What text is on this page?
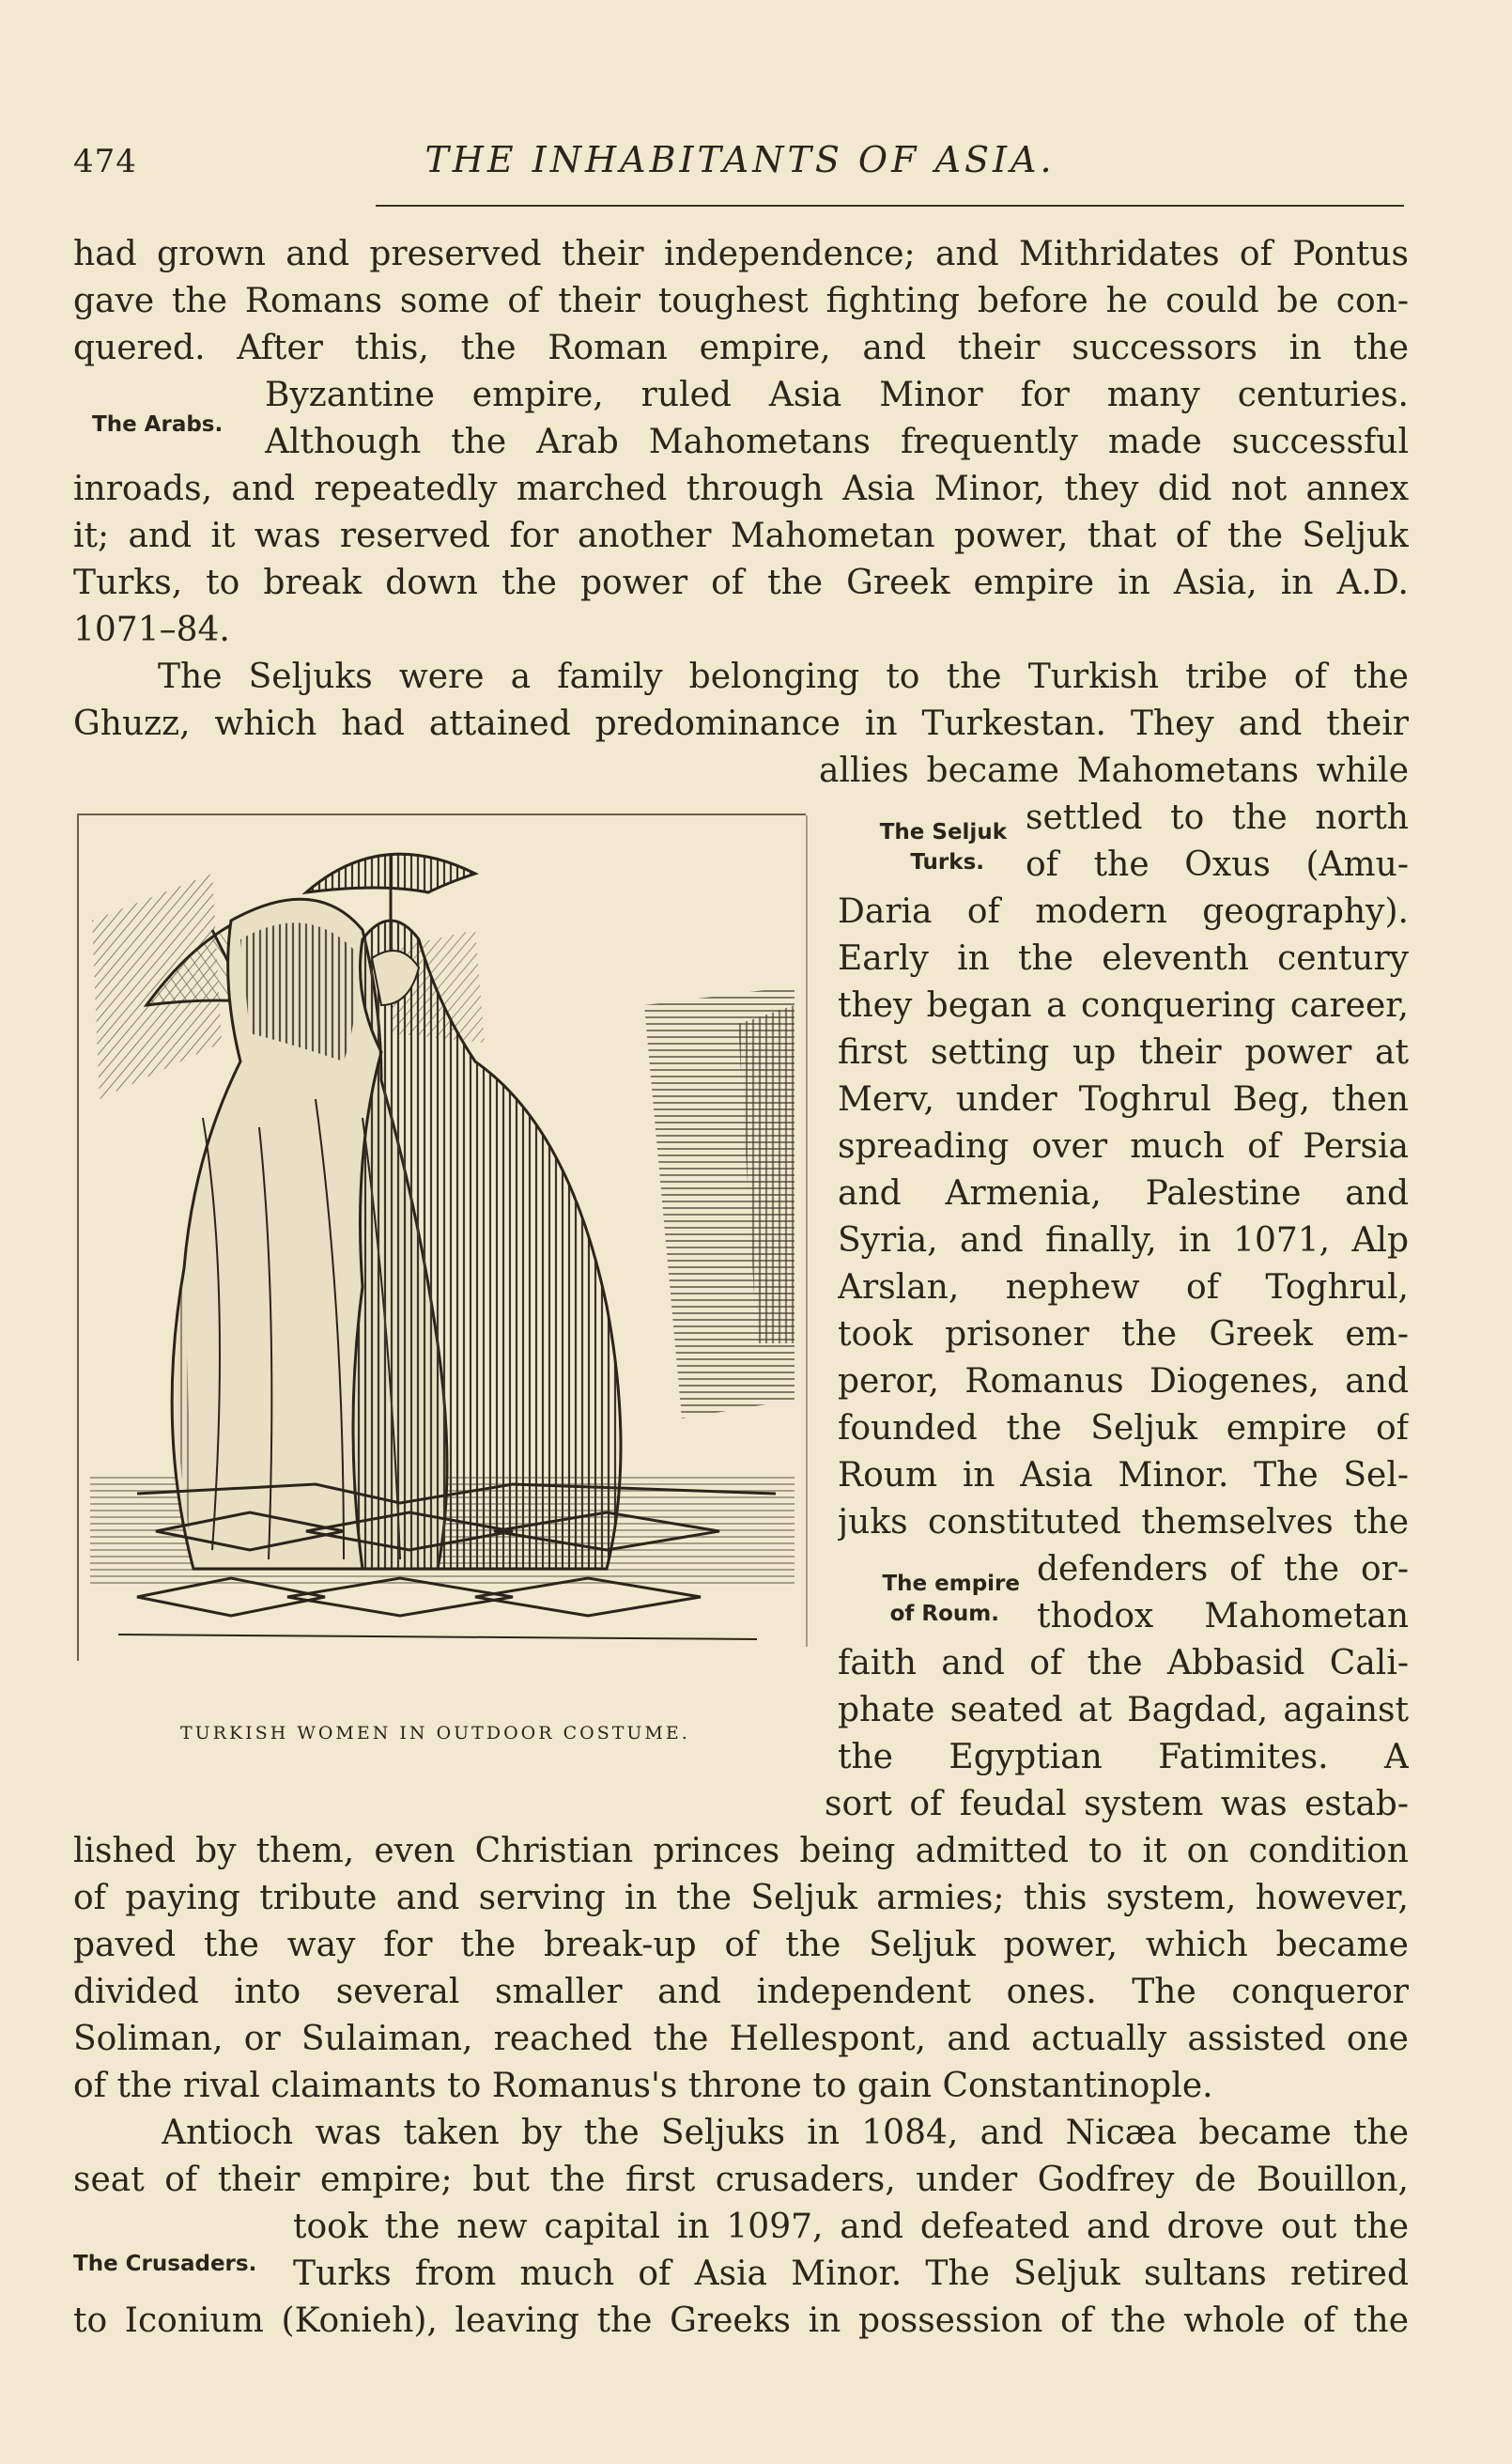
474	THE INHABITANTS OF ASIA.
had grown and preserved their independence; and Mithridates of Pontus
gave the Romans some of their toughest fighting before he could be con-
quered. After this, the Roman empire, and their successors in the
Byzantine empire, ruled Asia Minor for many centuries.
Although the Arab Mahometans frequently made successful
inroads, and repeatedly marched through Asia Minor, they did not annex
it; and it was reserved for another Mahometan power, that of the Seljuk
Turks, to break down the power of the Greek empire in Asia, in A.D.
1071–84.
The Seljuks were a family belonging to the Turkish tribe of the
Ghuzz, which had attained predominance in Turkestan. They and their
allies became Mahometans while
settled to the north
of the Oxus (Amu-
Daria of modern geography).
Early in the eleventh century
they began a conquering career,
first setting up their power at
Merv, under Toghrul Beg, then
spreading over much of Persia
and Armenia, Palestine and
Syria, and finally, in 1071, Alp
Arslan, nephew of Toghrul,
took prisoner the Greek em-
peror, Romanus Diogenes, and
founded the Seljuk empire of
Roum in Asia Minor. The Sel-
juks constituted themselves the
defenders of the or-
thodox Mahometan
faith and of the Abbasid Cali-
phate seated at Bagdad, against
the Egyptian Fatimites. A
sort of feudal system was estab-
lished by them, even Christian princes being admitted to it on condition
of paying tribute and serving in the Seljuk armies; this system, however,
paved the way for the break-up of the Seljuk power, which became
divided into several smaller and independent ones. The conqueror
Soliman, or Sulaiman, reached the Hellespont, and actually assisted one
of the rival claimants to Romanus's throne to gain Constantinople.
Antioch was taken by the Seljuks in 1084, and Nicæa became the
seat of their empire; but the first crusaders, under Godfrey de Bouillon,
took the new capital in 1097, and defeated and drove out the
Turks from much of Asia Minor. The Seljuk sultans retired
to Iconium (Konieh), leaving the Greeks in possession of the whole of the
The Arabs.
The Seljuk
Turks.
The empire
of Roum.
The Crusaders.
TURKISH WOMEN IN OUTDOOR COSTUME.
